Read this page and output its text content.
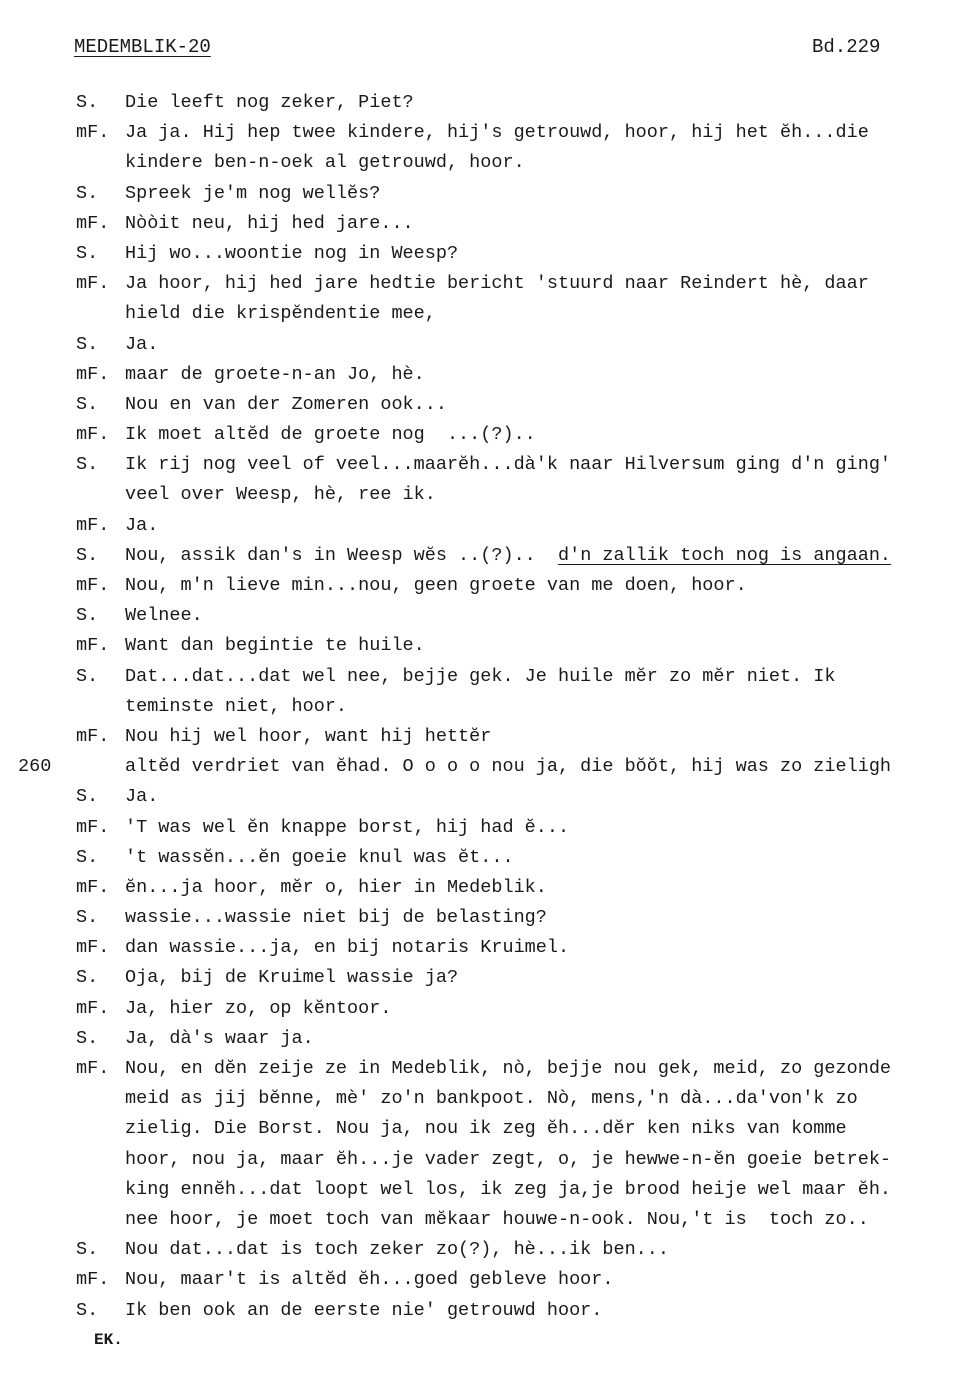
MEDEMBLIK-20	Bd.229
S. Die leeft nog zeker, Piet?
mF. Ja ja. Hij hep twee kindere, hij's getrouwd, hoor, hij het ĕh...die
kindere ben-n-oek al getrouwd, hoor.
S. Spreek je'm nog wellĕs?
mF. Nòòit neu, hij hed jare...
S. Hij wo...woontie nog in Weesp?
mF. Ja hoor, hij hed jare hedtie bericht 'stuurd naar Reindert hè, daar
hield die krispĕndentie mee,
S. Ja.
mF. maar de groete-n-an Jo, hè.
S. Nou en van der Zomeren ook...
mF. Ik moet altĕd de groete nog  ...(?)..
S. Ik rij nog veel of veel...maarĕh...dà'k naar Hilversum ging d'n ging'
veel over Weesp, hè, ree ik.
mF. Ja.
S. Nou, assik dan's in Weesp wĕs ..(?)..  d'n zallik toch nog is angaan.
mF. Nou, m'n lieve min...nou, geen groete van me doen, hoor.
S. Welnee.
mF. Want dan begintie te huile.
S. Dat...dat...dat wel nee, bejje gek. Je huile mĕr zo mĕr niet. Ik
teminste niet, hoor.
mF. Nou hij wel hoor, want hij hettĕr
260	altĕd verdriet van ĕhad. O o o o nou ja, die bŏŏt, hij was zo zieligh
S. Ja.
mF. 'T was wel ĕn knappe borst, hij had ĕ...
S. 't wassĕn...ĕn goeie knul was ĕt...
mF. ĕn...ja hoor, mĕr o, hier in Medeblik.
S. wassie...wassie niet bij de belasting?
mF. dan wassie...ja, en bij notaris Kruimel.
S. Oja, bij de Kruimel wassie ja?
mF. Ja, hier zo, op kĕntoor.
S. Ja, dà's waar ja.
mF. Nou, en dĕn zeije ze in Medeblik, nò, bejje nou gek, meid, zo gezonde
meid as jij bĕnne, mè' zo'n bankpoot. Nò, mens,'n dà...da'von'k zo
zielig. Die Borst. Nou ja, nou ik zeg ĕh...dĕr ken niks van komme
hoor, nou ja, maar ĕh...je vader zegt, o, je hewwe-n-ĕn goeie betrek-
king ennĕh...dat loopt wel los, ik zeg ja,je brood heije wel maar ĕh.
nee hoor, je moet toch van mĕkaar houwe-n-ook. Nou,'t is  toch zo..
S. Nou dat...dat is toch zeker zo(?), hè...ik ben...
mF. Nou, maar't is altĕd ĕh...goed gebleve hoor.
S. Ik ben ook an de eerste nie' getrouwd hoor.
EK.
